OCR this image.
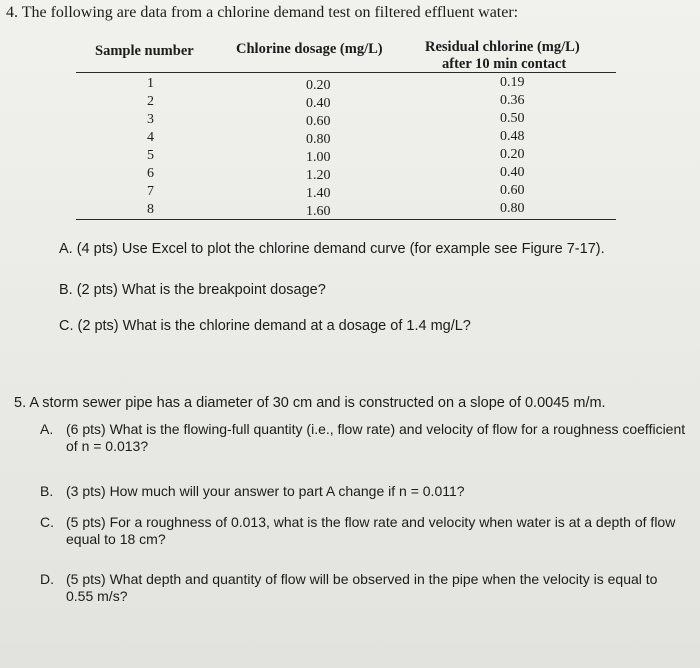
4. The following are data from a chlorine demand test on filtered effluent water:
Sample number	Chlorine dosage (mg/L)	Residual chlorine (mg/L)
after 10 min contact
1	0.20	0.19
2	0.40	0.36
3	0.60	0.50
4	0.80	0.48
5	1.00	0.20
6	1.20	0.40
7	1.40	0.60
8	1.60	0.80
A. (4 pts) Use Excel to plot the chlorine demand curve (for example see Figure 7-17).
B. (2 pts) What is the breakpoint dosage?
C. (2 pts) What is the chlorine demand at a dosage of 1.4 mg/L?
5. A storm sewer pipe has a diameter of 30 cm and is constructed on a slope of 0.0045 m/m.
A. (6 pts) What is the flowing-full quantity (i.e., flow rate) and velocity of flow for a roughness coefficient of n = 0.013?
B. (3 pts) How much will your answer to part A change if n = 0.011?
C. (5 pts) For a roughness of 0.013, what is the flow rate and velocity when water is at a depth of flow equal to 18 cm?
D. (5 pts) What depth and quantity of flow will be observed in the pipe when the velocity is equal to 0.55 m/s?
